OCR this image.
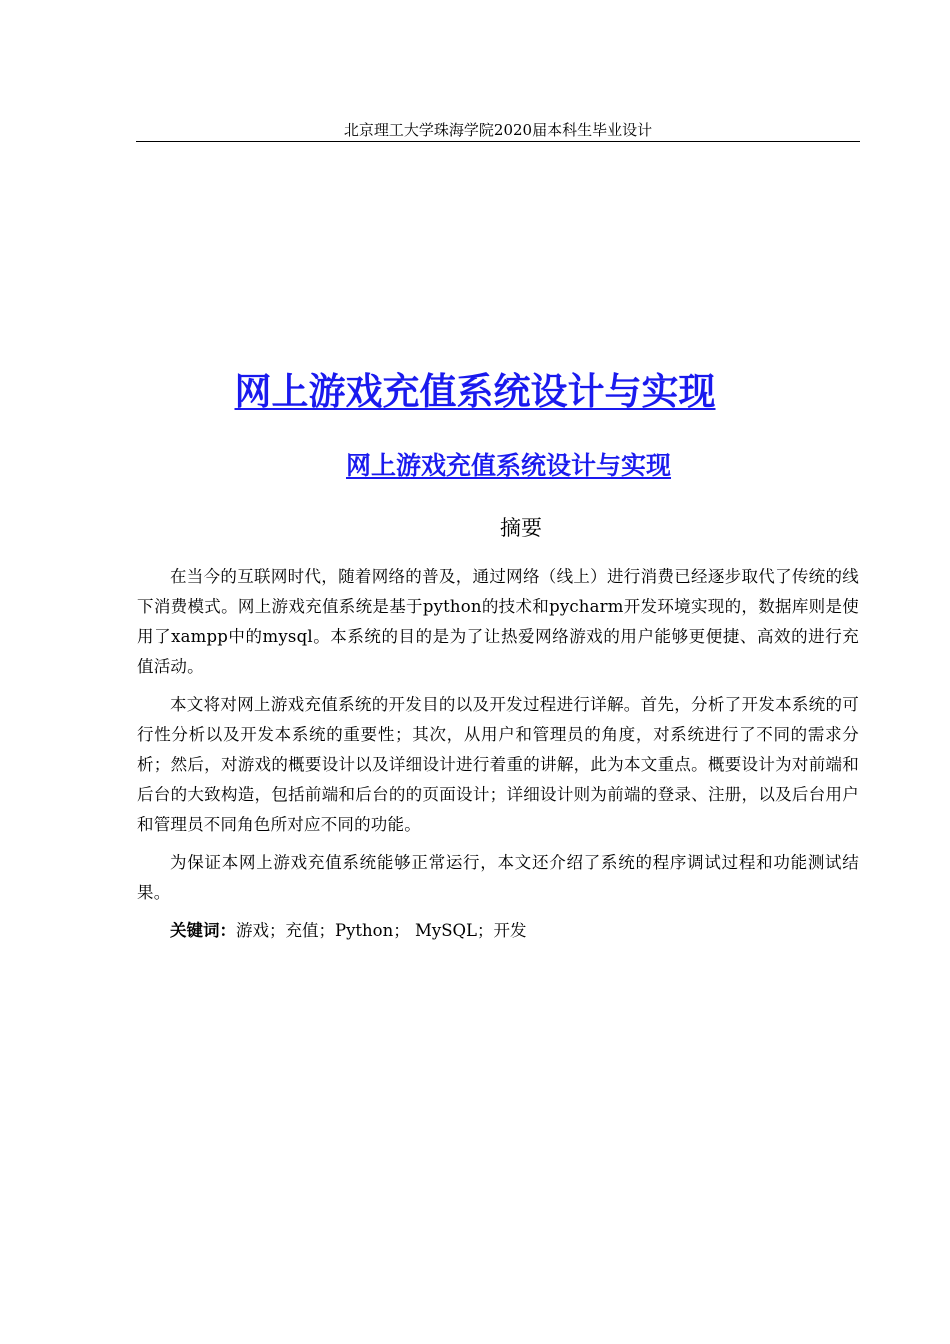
北京理工大学珠海学院2020届本科生毕业设计
网上游戏充值系统设计与实现
网上游戏充值系统设计与实现
摘要

在当今的互联网时代，随着网络的普及，通过网络（线上）进行消费已经逐步取代了传统的线下消费模式。网上游戏充值系统是基于python的技术和pycharm开发环境实现的，数据库则是使用了xampp中的mysql。本系统的目的是为了让热爱网络游戏的用户能够更便捷、高效的进行充值活动。

本文将对网上游戏充值系统的开发目的以及开发过程进行详解。首先，分析了开发本系统的可行性分析以及开发本系统的重要性；其次，从用户和管理员的角度，对系统进行了不同的需求分析；然后，对游戏的概要设计以及详细设计进行着重的讲解，此为本文重点。概要设计为对前端和后台的大致构造，包括前端和后台的的页面设计；详细设计则为前端的登录、注册，以及后台用户和管理员不同角色所对应不同的功能。

为保证本网上游戏充值系统能够正常运行，本文还介绍了系统的程序调试过程和功能测试结果。

关键词：游戏；充值；Python； MySQL；开发
